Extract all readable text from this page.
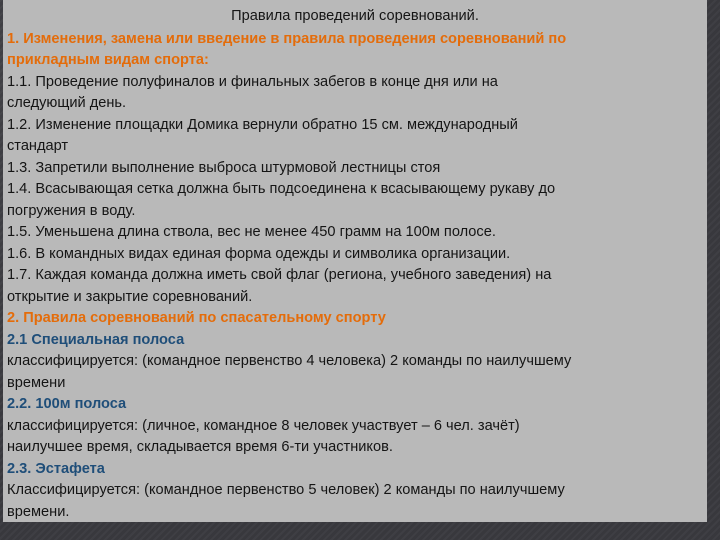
Правила проведений соревнований.
1. Изменения, замена или введение в правила проведения соревнований по
прикладным видам спорта:
1.1. Проведение полуфиналов и финальных забегов в конце дня или на
следующий день.
1.2. Изменение площадки Домика вернули обратно 15 см. международный
стандарт
1.3. Запретили выполнение выброса штурмовой лестницы стоя
1.4. Всасывающая сетка должна быть подсоединена к всасывающему рукаву до
погружения в воду.
1.5. Уменьшена длина ствола, вес не менее 450 грамм на 100м полосе.
1.6. В командных видах единая форма одежды и символика организации.
1.7. Каждая команда должна иметь свой флаг (региона, учебного заведения) на
открытие и закрытие соревнований.
2. Правила соревнований по спасательному спорту
2.1 Специальная полоса
классифицируется: (командное первенство 4 человека) 2 команды по наилучшему
времени
2.2. 100м полоса
классифицируется: (личное, командное 8 человек участвует – 6 чел. зачёт)
наилучшее время, складывается время 6-ти участников.
2.3. Эстафета
Классифицируется: (командное первенство 5 человек) 2 команды по наилучшему
времени.
